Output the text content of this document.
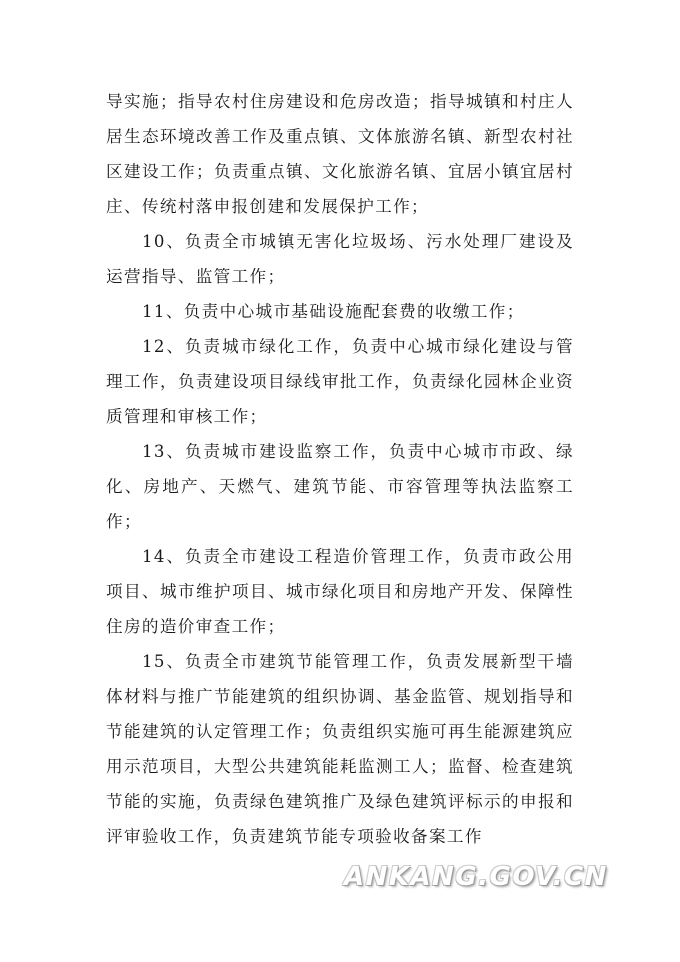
导实施；指导农村住房建设和危房改造；指导城镇和村庄人居生态环境改善工作及重点镇、文体旅游名镇、新型农村社区建设工作；负责重点镇、文化旅游名镇、宜居小镇宜居村庄、传统村落申报创建和发展保护工作；

10、负责全市城镇无害化垃圾场、污水处理厂建设及运营指导、监管工作；

11、负责中心城市基础设施配套费的收缴工作；

12、负责城市绿化工作，负责中心城市绿化建设与管理工作，负责建设项目绿线审批工作，负责绿化园林企业资质管理和审核工作；

13、负责城市建设监察工作，负责中心城市市政、绿化、房地产、天燃气、建筑节能、市容管理等执法监察工作；

14、负责全市建设工程造价管理工作，负责市政公用项目、城市维护项目、城市绿化项目和房地产开发、保障性住房的造价审查工作；

15、负责全市建筑节能管理工作，负责发展新型干墙体材料与推广节能建筑的组织协调、基金监管、规划指导和节能建筑的认定管理工作；负责组织实施可再生能源建筑应用示范项目，大型公共建筑能耗监测工人；监督、检查建筑节能的实施，负责绿色建筑推广及绿色建筑评标示的申报和评审验收工作，负责建筑节能专项验收备案工作

ANKANG.GOV.CN
